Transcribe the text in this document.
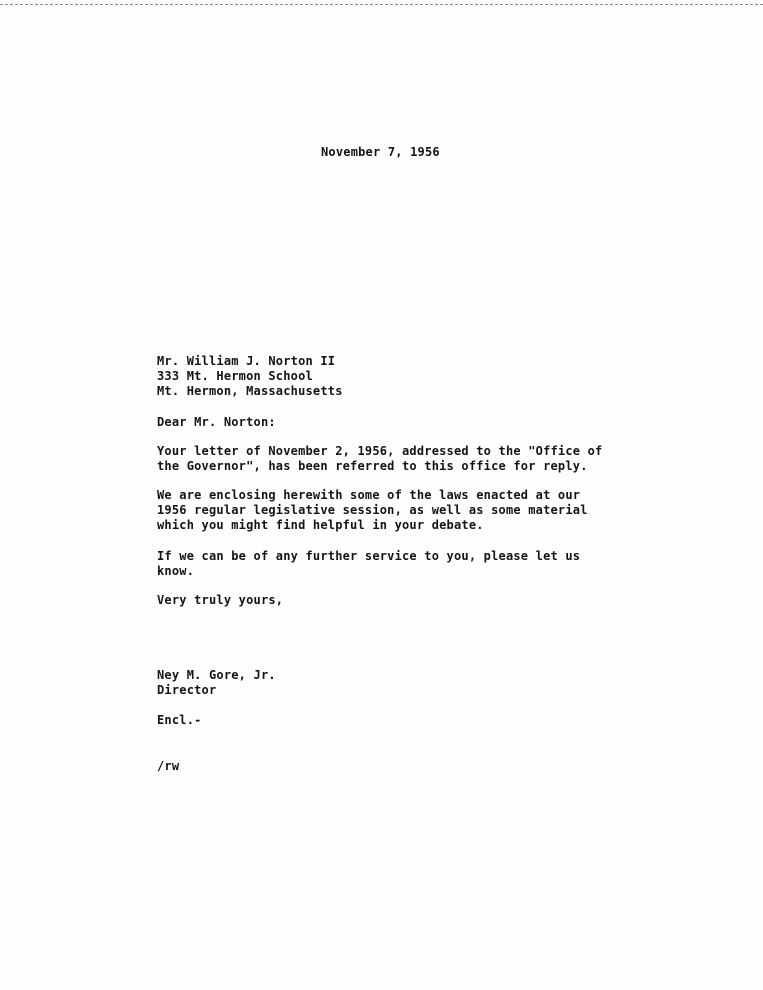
November 7, 1956
Mr. William J. Norton II
333 Mt. Hermon School
Mt. Hermon, Massachusetts
Dear Mr. Norton:
Your letter of November 2, 1956, addressed to the "Office of
the Governor", has been referred to this office for reply.
We are enclosing herewith some of the laws enacted at our
1956 regular legislative session, as well as some material
which you might find helpful in your debate.
If we can be of any further service to you, please let us
know.
Very truly yours,
Ney M. Gore, Jr.
Director
Encl.-
/rw
